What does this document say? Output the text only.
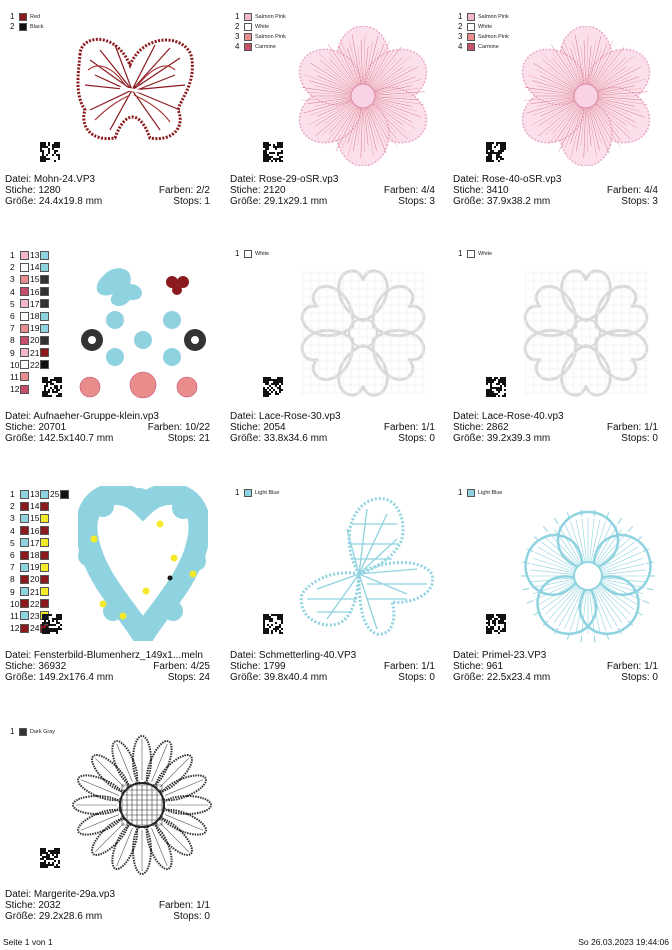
1	Red
2	Black
Datei: Mohn-24.VP3
Stiche: 1280	Farben: 2/2
Größe: 24.4x19.8 mm	Stops: 1
1	Salmon Pink
2	White
3	Salmon Pink
4	Carmine
Datei: Rose-29-oSR.vp3
Stiche: 2120	Farben: 4/4
Größe: 29.1x29.1 mm	Stops: 3
1	Salmon Pink
2	White
3	Salmon Pink
4	Carmine
Datei: Rose-40-oSR.vp3
Stiche: 3410	Farben: 4/4
Größe: 37.9x38.2 mm	Stops: 3
1	13
2	14
3	15
4	16
5	17
6	18
7	19
8	20
9	21
10 22
11
12
Datei: Aufnaeher-Gruppe-klein.vp3
Stiche: 20701	Farben: 10/22
Größe: 142.5x140.7 mm	Stops: 21
1	White
Datei: Lace-Rose-30.vp3
Stiche: 2054	Farben: 1/1
Größe: 33.8x34.6 mm	Stops: 0
1	White
Datei: Lace-Rose-40.vp3
Stiche: 2862	Farben: 1/1
Größe: 39.2x39.3 mm	Stops: 0
1	13 25
2	14
3	15
4	16
5	17
6	18
7	19
8	20
9	21
10 22
11 23
12 24
Datei: Fensterbild-Blumenherz_149x1...meln
Stiche: 36932	Farben: 4/25
Größe: 149.2x176.4 mm	Stops: 24
1	Light Blue
Datei: Schmetterling-40.VP3
Stiche: 1799	Farben: 1/1
Größe: 39.8x40.4 mm	Stops: 0
1	Light Blue
Datei: Primel-23.VP3
Stiche: 961	Farben: 1/1
Größe: 22.5x23.4 mm	Stops: 0
1	Dark Gray
Datei: Margerite-29a.vp3
Stiche: 2032	Farben: 1/1
Größe: 29.2x28.6 mm	Stops: 0
Seite 1 von 1	So 26.03.2023 19:44:06
